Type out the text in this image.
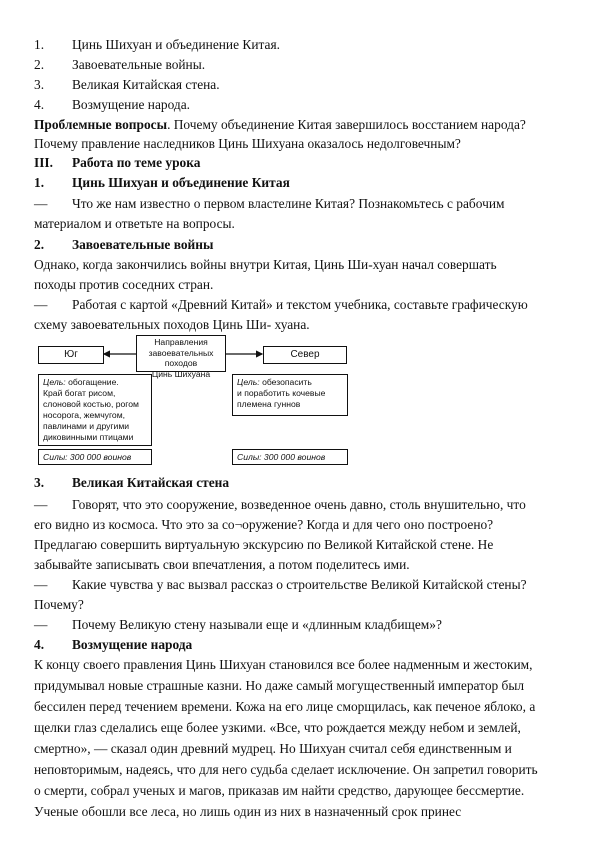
1. Цинь Шихуан и объединение Китая.
2. Завоевательные войны.
3. Великая Китайская стена.
4. Возмущение народа.
Проблемные вопросы. Почему объединение Китая завершилось восстанием народа?
Почему правление наследников Цинь Шихуана оказалось недолговечным?
III. Работа по теме урока
1. Цинь Шихуан и объединение Китая
— Что же нам известно о первом властелине Китая? Познакомьтесь с рабочим
материалом и ответьте на вопросы.
2. Завоевательные войны
Однако, когда закончились войны внутри Китая, Цинь Ши-хуан начал совершать
походы против соседних стран.
— Работая с картой «Древний Китай» и текстом учебника, составьте графическую
схему завоевательных походов Цинь Ши- хуана.
Юг
Направления
завоевательных походов
Цинь Шихуана
Север
Цель: обогащение.
Край богат рисом,
слоновой костью, рогом
носорога, жемчугом,
павлинами и другими
диковинными птицами
Цель: обезопасить
и поработить кочевые
племена гуннов
Силы: 300 000 воинов	Силы: 300 000 воинов
3. Великая Китайская стена
— Говорят, что это сооружение, возведенное очень давно, столь внушительно, что
его видно из космоса. Что это за со¬оружение? Когда и для чего оно построено?
Предлагаю совершить виртуальную экскурсию по Великой Китайской стене. Не
забывайте записывать свои впечатления, а потом поделитесь ими.
— Какие чувства у вас вызвал рассказ о строительстве Великой Китайской стены?
Почему?
— Почему Великую стену называли еще и «длинным кладбищем»?
4. Возмущение народа
К концу своего правления Цинь Шихуан становился все более надменным и жестоким,
придумывал новые страшные казни. Но даже самый могущественный император был
бессилен перед течением времени. Кожа на его лице сморщилась, как печеное яблоко, а
щелки глаз сделались еще более узкими. «Все, что рождается между небом и землей,
смертно», — сказал один древний мудрец. Но Шихуан считал себя единственным и
неповторимым, надеясь, что для него судьба сделает исключение. Он запретил говорить
о смерти, собрал ученых и магов, приказав им найти средство, дарующее бессмертие.
Ученые обошли все леса, но лишь один из них в назначенный срок принес
